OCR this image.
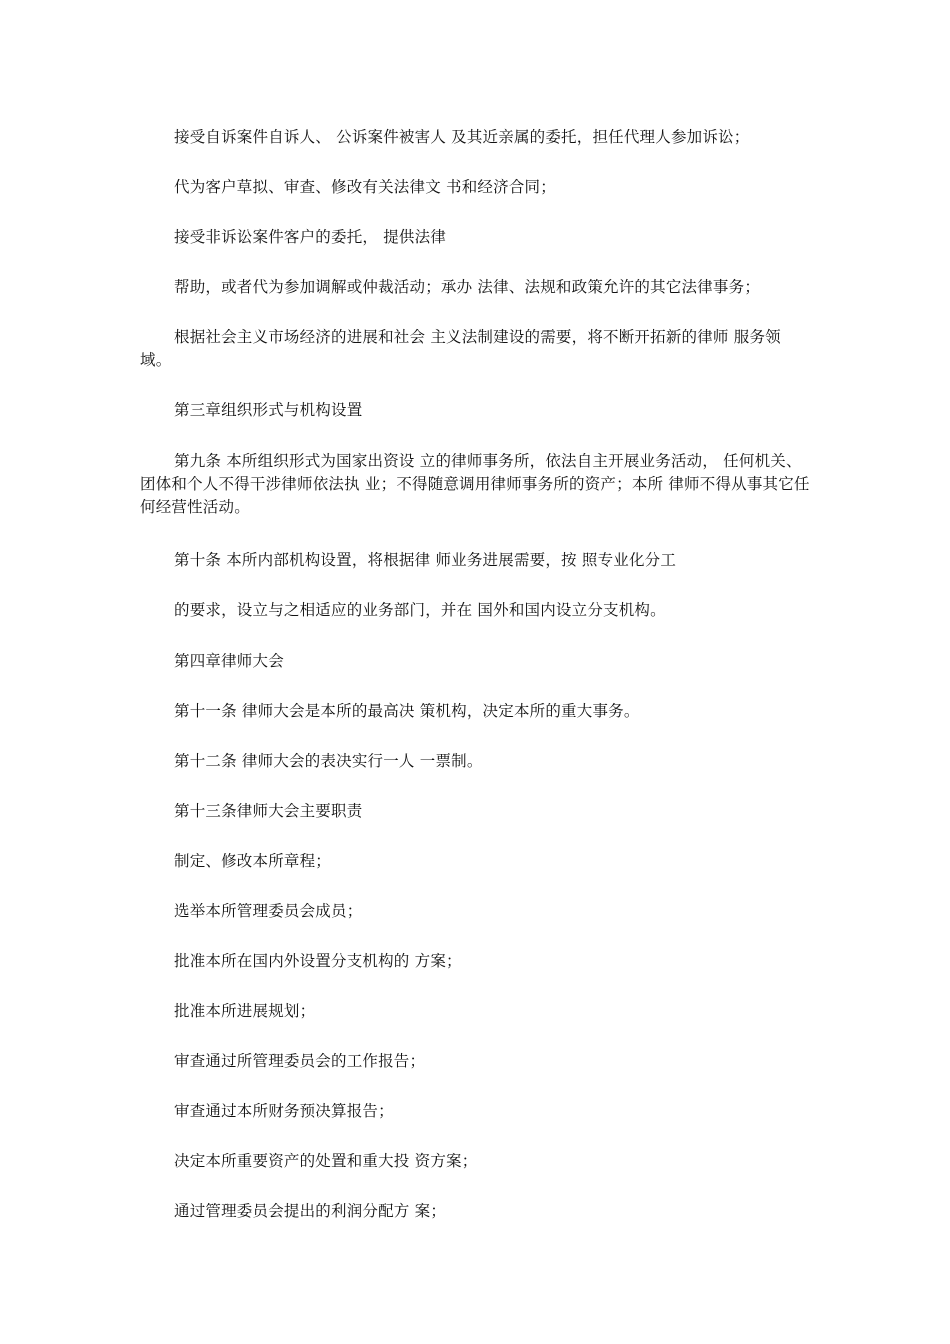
接受自诉案件自诉人、 公诉案件被害人 及其近亲属的委托，担任代理人参加诉讼；

代为客户草拟、审查、修改有关法律文 书和经济合同；

接受非诉讼案件客户的委托， 提供法律

帮助，或者代为参加调解或仲裁活动；承办 法律、法规和政策允许的其它法律事务；

根据社会主义市场经济的进展和社会 主义法制建设的需要，将不断开拓新的律师 服务领域。

第三章组织形式与机构设置

第九条 本所组织形式为国家出资设 立的律师事务所，依法自主开展业务活动， 任何机关、团体和个人不得干涉律师依法执 业；不得随意调用律师事务所的资产；本所 律师不得从事其它任何经营性活动。

第十条 本所内部机构设置，将根据律 师业务进展需要，按 照专业化分工

的要求，设立与之相适应的业务部门，并在 国外和国内设立分支机构。

第四章律师大会

第十一条 律师大会是本所的最高决 策机构，决定本所的重大事务。

第十二条 律师大会的表决实行一人 一票制。

第十三条律师大会主要职责

制定、修改本所章程；

选举本所管理委员会成员；

批准本所在国内外设置分支机构的 方案；

批准本所进展规划；

审查通过所管理委员会的工作报告；

审查通过本所财务预决算报告；

决定本所重要资产的处置和重大投 资方案；

通过管理委员会提出的利润分配方 案；
